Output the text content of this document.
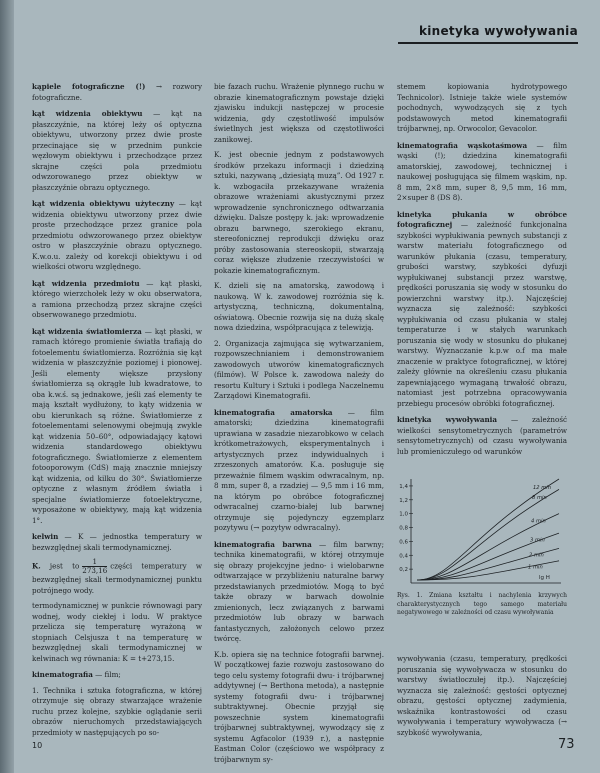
kinetyka wywoływania

kąpiele fotograficzne (!) → rozwory fotograficzne.

kąt widzenia obiektywu — kąt na płaszczyźnie, na której leży oś optyczna obiektywu, utworzony przez dwie proste przecinające się w przednim punkcie węzłowym obiektywu i przechodzące przez skrajne części pola przedmiotu odwzorowanego przez obiektyw w płaszczyźnie obrazu optycznego.

kąt widzenia obiektywu użyteczny — kąt widzenia obiektywu utworzony przez dwie proste przechodzące przez granice pola przedmiotu odwzorowanego przez obiektyw ostro w płaszczyźnie obrazu optycznego. K.w.o.u. zależy od korekcji obiektywu i od wielkości otworu względnego.

kąt widzenia przedmiotu — kąt płaski, którego wierzchołek leży w oku obserwatora, a ramiona przechodzą przez skrajne części obserwowanego przedmiotu.

kąt widzenia światłomierza — kąt płaski, w ramach którego promienie światła trafiają do fotoelementu światłomierza. Rozróżnia się kąt widzenia w płaszczyźnie poziomej i pionowej. Jeśli elementy większe przysłony światłomierza są okrągłe lub kwadratowe, to oba k.w.ś. są jednakowe, jeśli zaś elementy te mają kształt wydłużony, to kąty widzenia w obu kierunkach są różne. Światłomierze z fotoelementami selenowymi obejmują zwykle kąt widzenia 50–60°, odpowiadający kątowi widzenia standardowego obiektywu fotograficznego. Światłomierze z elementem fotooporowym (CdS) mają znacznie mniejszy kąt widzenia, od kilku do 30°. Światłomierze optyczne z własnym źródłem światła i specjalne światłomierze fotoelektryczne, wyposażone w obiektywy, mają kąt widzenia 1°.

kelwin — K — jednostka temperatury w bezwzględnej skali termodynamicznej.

K. jest to $\frac{1}{273,16}$ części temperatury w bezwzględnej skali termodynamicznej punktu potrójnego wody.

termodynamicznej w punkcie równowagi pary wodnej, wody ciekłej i lodu. W praktyce przelicza się temperaturę wyrażoną w stopniach Celsjusza t na temperaturę w bezwzględnej skali termodynamicznej w kelwinach wg równania: K = t+273,15.

kinematografia — film;

1. Technika i sztuka fotograficzna, w której otrzymuje się obrazy stwarzające wrażenie ruchu przez kolejne, szybkie oglądanie serii obrazów nieruchomych przedstawiających przedmioty w następujących po so-

bie fazach ruchu. Wrażenie płynnego ruchu w obrazie kinematograficznym powstaje dzięki zjawisku indukcji następczej w procesie widzenia, gdy częstotliwość impulsów świetlnych jest większa od częstotliwości zanikowej.

K. jest obecnie jednym z podstawowych środków przekazu informacji i dziedziną sztuki, nazywaną „dziesiątą muzą”. Od 1927 r. k. wzbogaciła przekazywane wrażenia obrazowe wrażeniami akustycznymi przez wprowadzenie synchronicznego odtwarzania dźwięku. Dalsze postępy k. jak: wprowadzenie obrazu barwnego, szerokiego ekranu, stereofonicznej reprodukcji dźwięku oraz próby zastosowania stereoskopii, stwarzają coraz większe złudzenie rzeczywistości w pokazie kinematograficznym.

K. dzieli się na amatorską, zawodową i naukową. W k. zawodowej rozróżnia się k. artystyczną, techniczną, dokumentalną, oświatową. Obecnie rozwija się na dużą skalę nowa dziedzina, współpracująca z telewizją.

2. Organizacja zajmująca się wytwarzaniem, rozpowszechnianiem i demonstrowaniem zawodowych utworów kinematograficznych (filmów). W Polsce k. zawodowa należy do resortu Kultury i Sztuki i podlega Naczelnemu Zarządowi Kinematografii.

kinematografia amatorska — film amatorski; dziedzina kinematografii uprawiana w zasadzie niezarobkowo w celach krótkometrażowych, eksperymentalnych i artystycznych przez indywidualnych i zrzeszonych amatorów. K.a. posługuje się przeważnie filmem wąskim odwracalnym, np. 8 mm, super 8, a rzadziej — 9,5 mm i 16 mm, na którym po obróbce fotograficznej odwracalnej czarno-białej lub barwnej otrzymuje się pojedynczy egzemplarz pozytywu (→ pozytyw odwracalny).

kinematografia barwna — film barwny; technika kinematografii, w której otrzymuje się obrazy projekcyjne jedno- i wielobarwne odtwarzające w przybliżeniu naturalne barwy przedstawianych przedmiotów. Mogą to być także obrazy w barwach dowolnie zmienionych, lecz związanych z barwami przedmiotów lub obrazy w barwach fantastycznych, założonych celowo przez twórcę.

K.b. opiera się na technice fotografii barwnej. W początkowej fazie rozwoju zastosowano do tego celu systemy fotografii dwu- i trójbarwnej addytywnej (→ Berthona metoda), a następnie systemy fotografii dwu- i trójbarwnej subtraktywnej. Obecnie przyjął się powszechnie system kinematografii trójbarwnej subtraktywnej, wywodzący się z systemu Agfacolor (1939 r.), a następnie Eastman Color (częściowo we współpracy z trójbarwnym sy-

stemem kopiowania hydrotypowego Technicolor). Istnieje także wiele systemów pochodnych, wywodzących się z tych podstawowych metod kinematografii trójbarwnej, np. Orwocolor, Gevacolor.

kinematografia wąskotaśmowa — film wąski (!); dziedzina kinematografii amatorskiej, zawodowej, technicznej i naukowej posługująca się filmem wąskim, np. 8 mm, 2×8 mm, super 8, 9,5 mm, 16 mm, 2×super 8 (DS 8).

kinetyka płukania w obróbce fotograficznej — zależność funkcjonalna szybkości wypłukiwania pewnych substancji z warstw materiału fotograficznego od warunków płukania (czasu, temperatury, grubości warstwy, szybkości dyfuzji wypłukiwanej substancji przez warstwę, prędkości poruszania się wody w stosunku do powierzchni warstwy itp.). Najczęściej wyznacza się zależność: szybkości wypłukiwania od czasu płukania w stałej temperaturze i w stałych warunkach poruszania się wody w stosunku do płukanej warstwy. Wyznaczanie k.p.w o.f ma małe znaczenie w praktyce fotograficznej, w której zależy głównie na określeniu czasu płukania zapewniającego wymaganą trwałość obrazu, natomiast jest potrzebna opracowywania przebiegu procesów obróbki fotograficznej.

kinetyka wywoływania — zależność wielkości sensytometrycznych (parametrów sensytometrycznych) od czasu wywoływania lub promieniczułego od warunków

1,4
1,2
1,0
0,8
0,6
0,4
0,2
lg H
12 min
8 min
4 min
3 min
2 min
1 min
Rys. 1. Zmiana kształtu i nachylenia krzywych charakterystycznych tego samego materiału negatywowego w zależności od czasu wywoływania

wywoływania (czasu, temperatury, prędkości poruszania się wywoływacza w stosunku do warstwy światłoczułej itp.). Najczęściej wyznacza się zależność: gęstości optycznej obrazu, gęstości optycznej zadymienia, wskaźnika kontrastowości od czasu wywoływania i temperatury wywoływacza (→ szybkość wywoływania,

10	73
